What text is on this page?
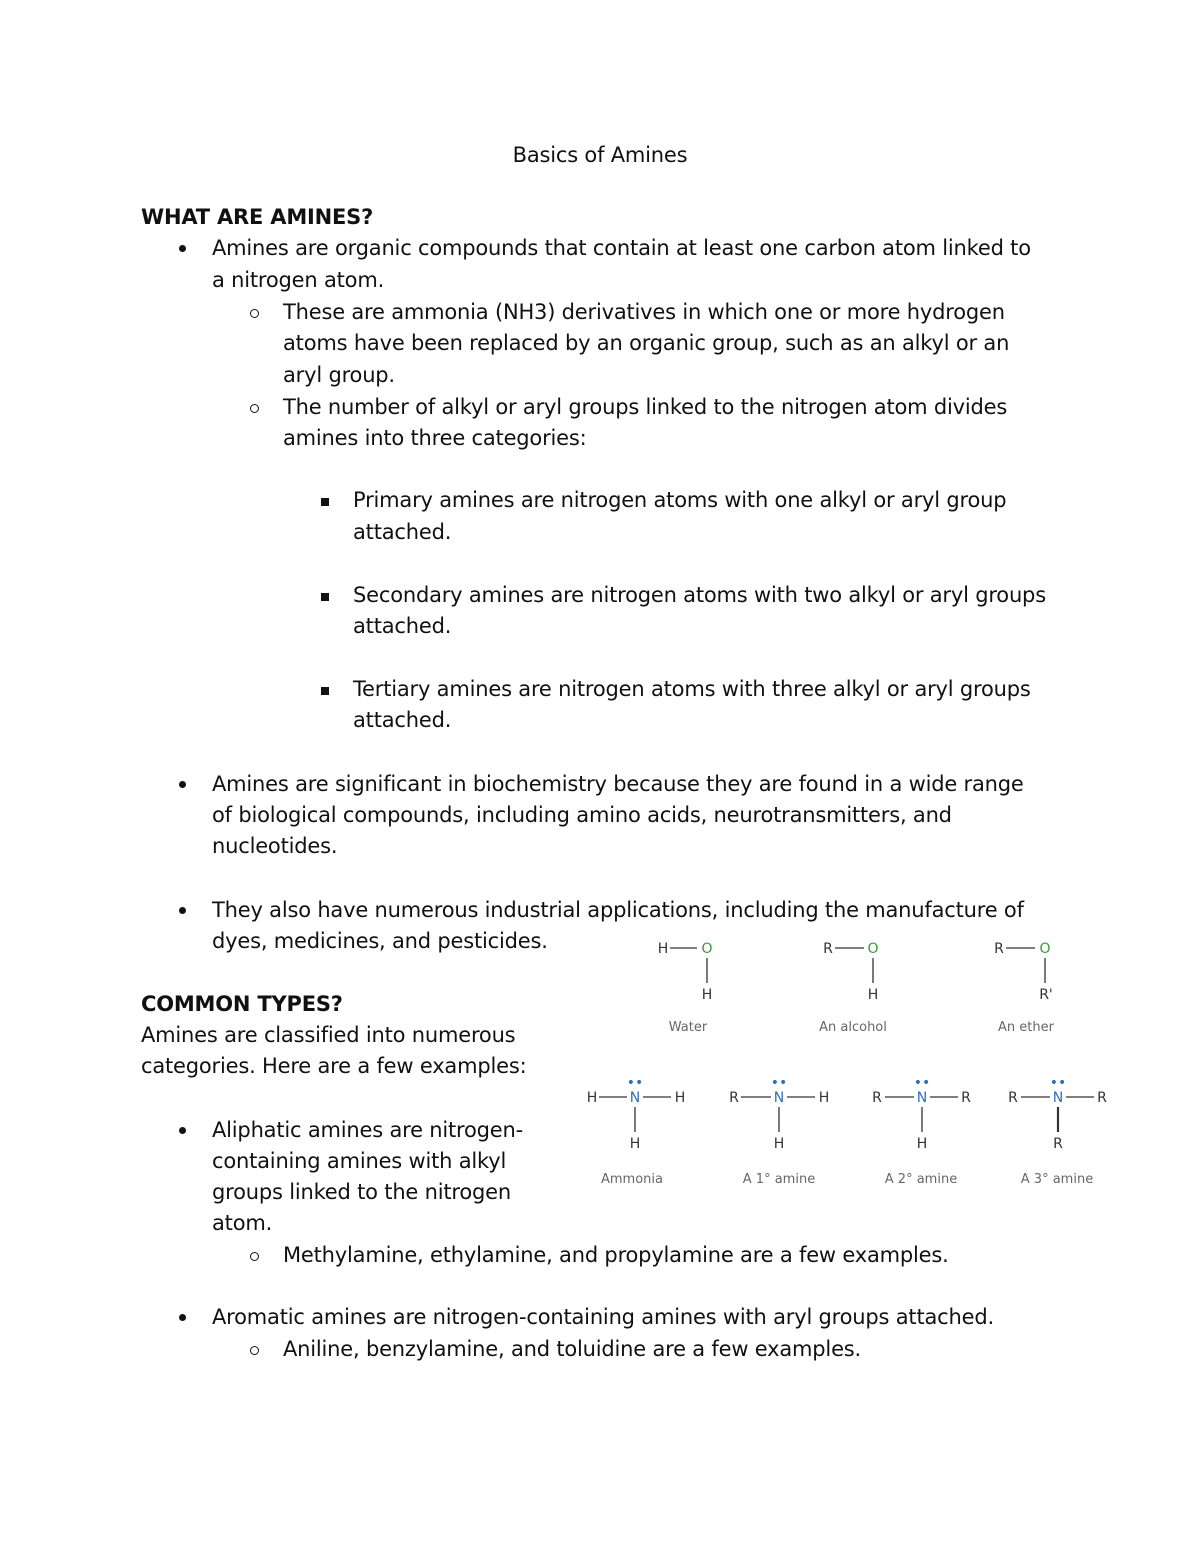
Basics of Amines
WHAT ARE AMINES?
Amines are organic compounds that contain at least one carbon atom linked to
a nitrogen atom.
These are ammonia (NH3) derivatives in which one or more hydrogen
atoms have been replaced by an organic group, such as an alkyl or an
aryl group.
The number of alkyl or aryl groups linked to the nitrogen atom divides
amines into three categories:
Primary amines are nitrogen atoms with one alkyl or aryl group
attached.
Secondary amines are nitrogen atoms with two alkyl or aryl groups
attached.
Tertiary amines are nitrogen atoms with three alkyl or aryl groups
attached.
Amines are significant in biochemistry because they are found in a wide range
of biological compounds, including amino acids, neurotransmitters, and
nucleotides.
They also have numerous industrial applications, including the manufacture of
dyes, medicines, and pesticides.
COMMON TYPES?
Amines are classified into numerous
categories. Here are a few examples:
Aliphatic amines are nitrogen-
containing amines with alkyl
groups linked to the nitrogen
atom.
Methylamine, ethylamine, and propylamine are a few examples.
Aromatic amines are nitrogen-containing amines with aryl groups attached.
Aniline, benzylamine, and toluidine are a few examples.
H O
H
Water
R O
H
An alcohol
R	O
R'
An ether
••
H N H
H
Ammonia
••
R N H
H
A 1° amine
••
R N R
H
A 2° amine
••
R N R
R
A 3° amine
